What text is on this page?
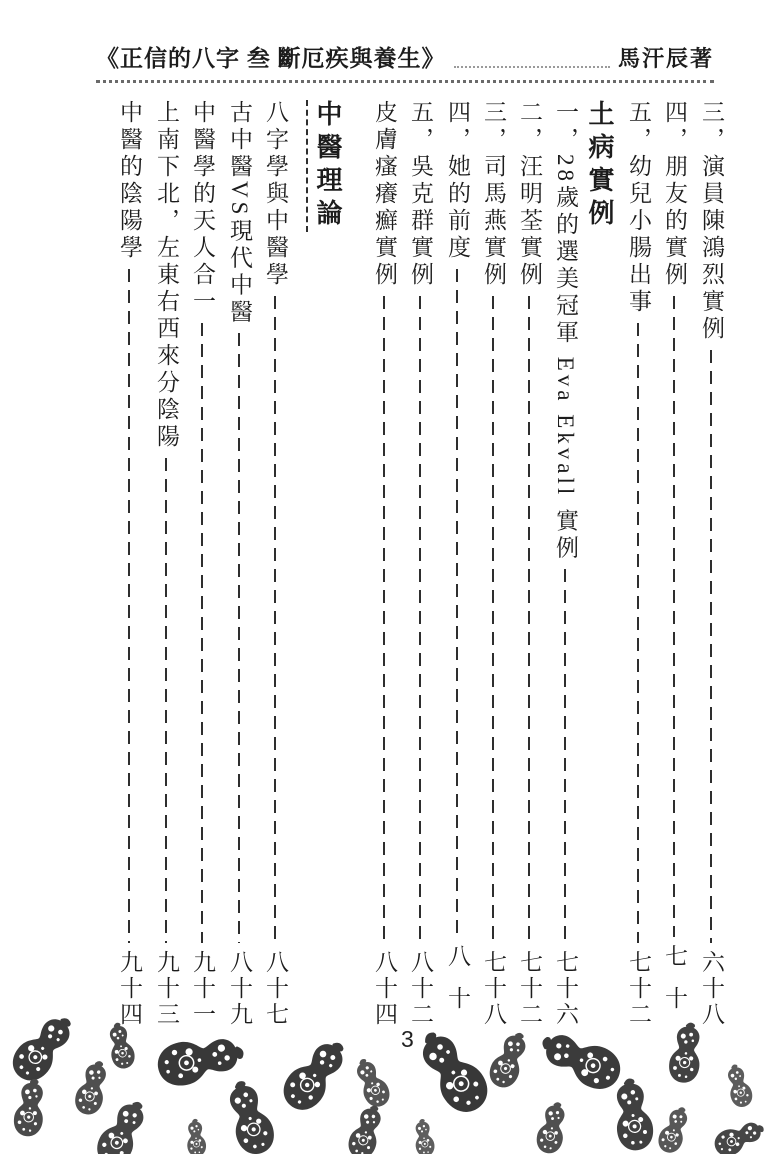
《正信的八字 叁 斷厄疾與養生》	馬汗辰著
三，演員陳鴻烈實例
六十八
四，朋友的實例
七十
五，幼兒小腸出事
七十二
土病實例
一，28歲的選美冠軍 Eva Ekvall 實例
七十六
二，汪明荃實例
七十二
三，司馬燕實例
七十八
四，她的前度
八十
五，吳克群實例
八十二
皮膚瘙癢癬實例
八十四
中醫理論
八字學與中醫學
八十七
古中醫VS現代中醫
八十九
中醫學的天人合一
九十一
上南下北，左東右西來分陰陽
九十三
中醫的陰陽學
九十四
3
